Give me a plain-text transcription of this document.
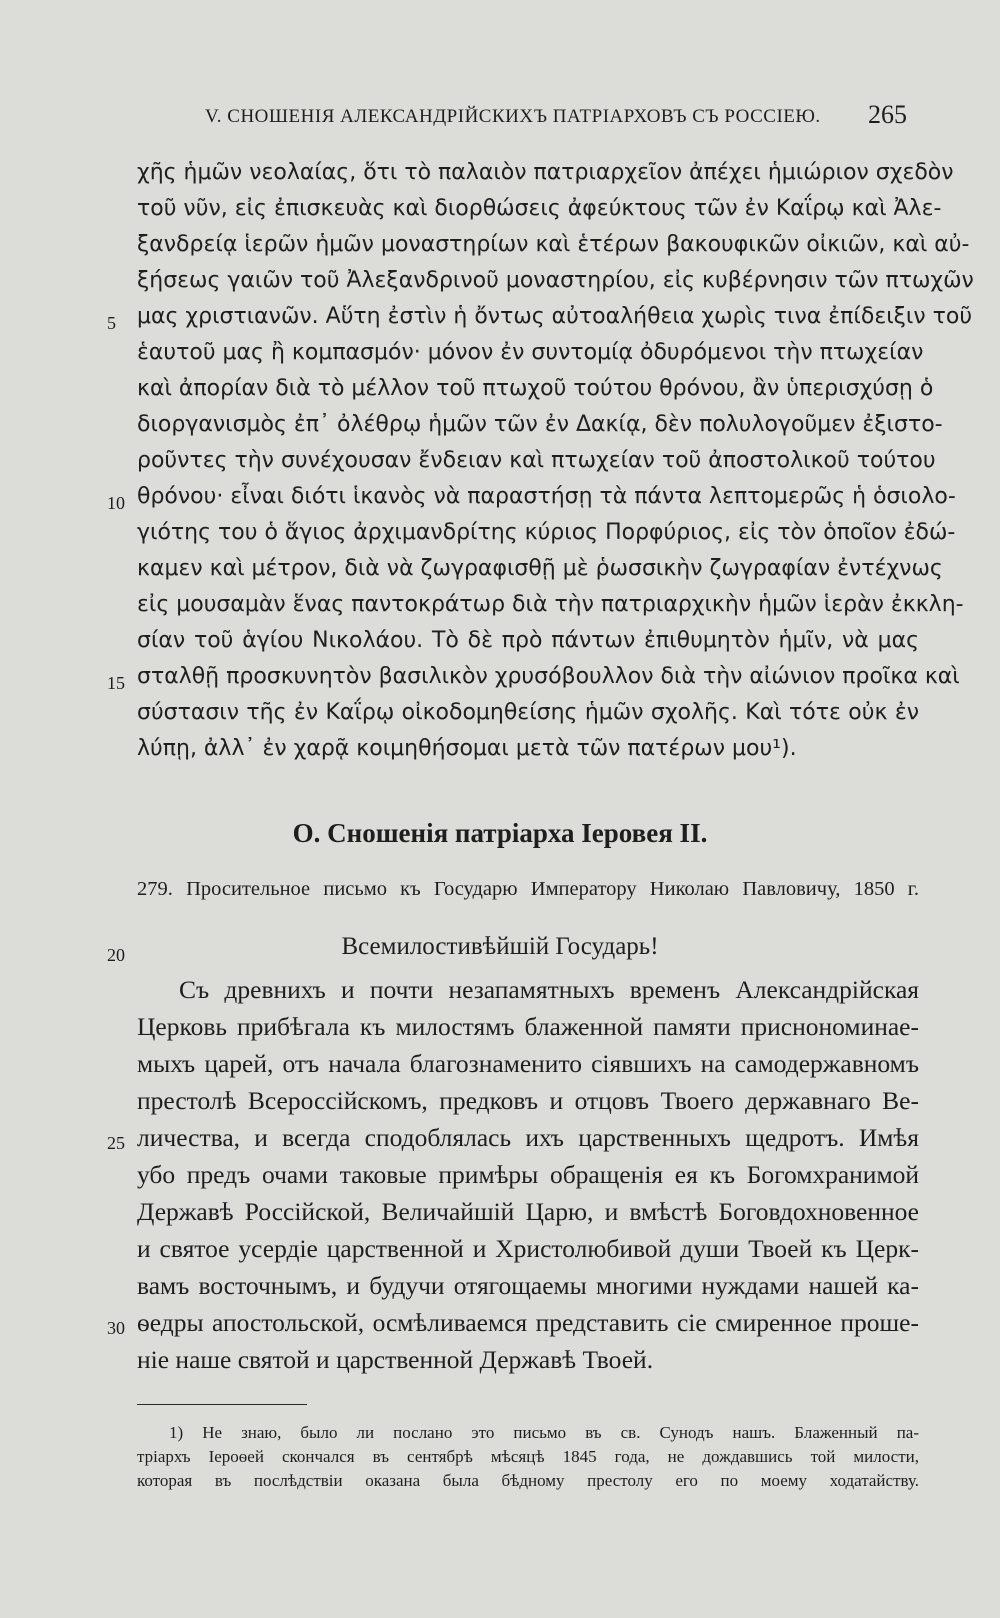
V. СНОШЕНІЯ АЛЕКСАНДРІЙСКИХЪ ПАТРІАРХОВЪ СЪ РОССІЕЮ. 265
χῆς ἡμῶν νεολαίας, ὅτι τὸ παλαιὸν πατριαρχεῖον ἀπέχει ἡμιώριον σχεδὸν
τοῦ νῦν, εἰς ἐπισκευὰς καὶ διορθώσεις ἀφεύκτους τῶν ἐν Καΐρῳ καὶ Ἀλε-
ξανδρείᾳ ἱερῶν ἡμῶν μοναστηρίων καὶ ἑτέρων βακουφικῶν οἰκιῶν, καὶ αὐ-
ξήσεως γαιῶν τοῦ Ἀλεξανδρινοῦ μοναστηρίου, εἰς κυβέρνησιν τῶν πτωχῶν
μας χριστιανῶν. Αὕτη ἐστὶν ἡ ὄντως αὐτοαλήθεια χωρὶς τινα ἐπίδειξιν τοῦ
ἑαυτοῦ μας ἢ κομπασμόν· μόνον ἐν συντομίᾳ ὀδυρόμενοι τὴν πτωχείαν
καὶ ἀπορίαν διὰ τὸ μέλλον τοῦ πτωχοῦ τούτου θρόνου, ἂν ὑπερισχύσῃ ὁ
διοργανισμὸς ἐπ᾽ ὀλέθρῳ ἡμῶν τῶν ἐν Δακίᾳ, δὲν πολυλογοῦμεν ἐξιστο-
ροῦντες τὴν συνέχουσαν ἔνδειαν καὶ πτωχείαν τοῦ ἀποστολικοῦ τούτου
θρόνου· εἶναι διότι ἱκανὸς νὰ παραστήσῃ τὰ πάντα λεπτομερῶς ἡ ὁσιολο-
γιότης του ὁ ἅγιος ἀρχιμανδρίτης κύριος Πορφύριος, εἰς τὸν ὁποῖον ἐδώ-
καμεν καὶ μέτρον, διὰ νὰ ζωγραφισθῇ μὲ ῥωσσικὴν ζωγραφίαν ἐντέχνως
εἰς μουσαμὰν ἕνας παντοκράτωρ διὰ τὴν πατριαρχικὴν ἡμῶν ἱερὰν ἐκκλη-
σίαν τοῦ ἁγίου Νικολάου. Τὸ δὲ πρὸ πάντων ἐπιθυμητὸν ἡμῖν, νὰ μας
σταλθῇ προσκυνητὸν βασιλικὸν χρυσόβουλλον διὰ τὴν αἰώνιον προῖκα καὶ
σύστασιν τῆς ἐν Καΐρῳ οἰκοδομηθείσης ἡμῶν σχολῆς. Καὶ τότε οὐκ ἐν
λύπῃ, ἀλλ᾽ ἐν χαρᾷ κοιμηθήσομαι μετὰ τῶν πατέρων μου¹).
5
10
15
О. Сношенія патріарха Іеровея II.
279. Просительное письмо къ Государю Императору Николаю Павловичу, 1850 г.
20	Всемилостивѣйшій Государь!
Съ древнихъ и почти незапамятныхъ временъ Александрійская
Церковь прибѣгала къ милостямъ блаженной памяти приснономинае-
мыхъ царей, отъ начала благознаменито сіявшихъ на самодержавномъ
престолѣ Всероссійскомъ, предковъ и отцовъ Твоего державнаго Ве-
личества, и всегда сподоблялась ихъ царственныхъ щедротъ. Имѣя
убо предъ очами таковые примѣры обращенія ея къ Богомхранимой
Державѣ Россійской, Величайшій Царю, и вмѣстѣ Боговдохновенное
и святое усердіе царственной и Христолюбивой души Твоей къ Церк-
вамъ восточнымъ, и будучи отягощаемы многими нуждами нашей ка-
ѳедры апостольской, осмѣливаемся представить сіе смиренное проше-
ніе наше святой и царственной Державѣ Твоей.
25
30
1) Не знаю, было ли послано это письмо въ св. Сунодъ нашъ. Блаженный па-
тріархъ Іероѳей скончался въ сентябрѣ мѣсяцѣ 1845 года, не дождавшись той милости,
которая въ послѣдствіи оказана была бѣдному престолу его по моему ходатайству.
